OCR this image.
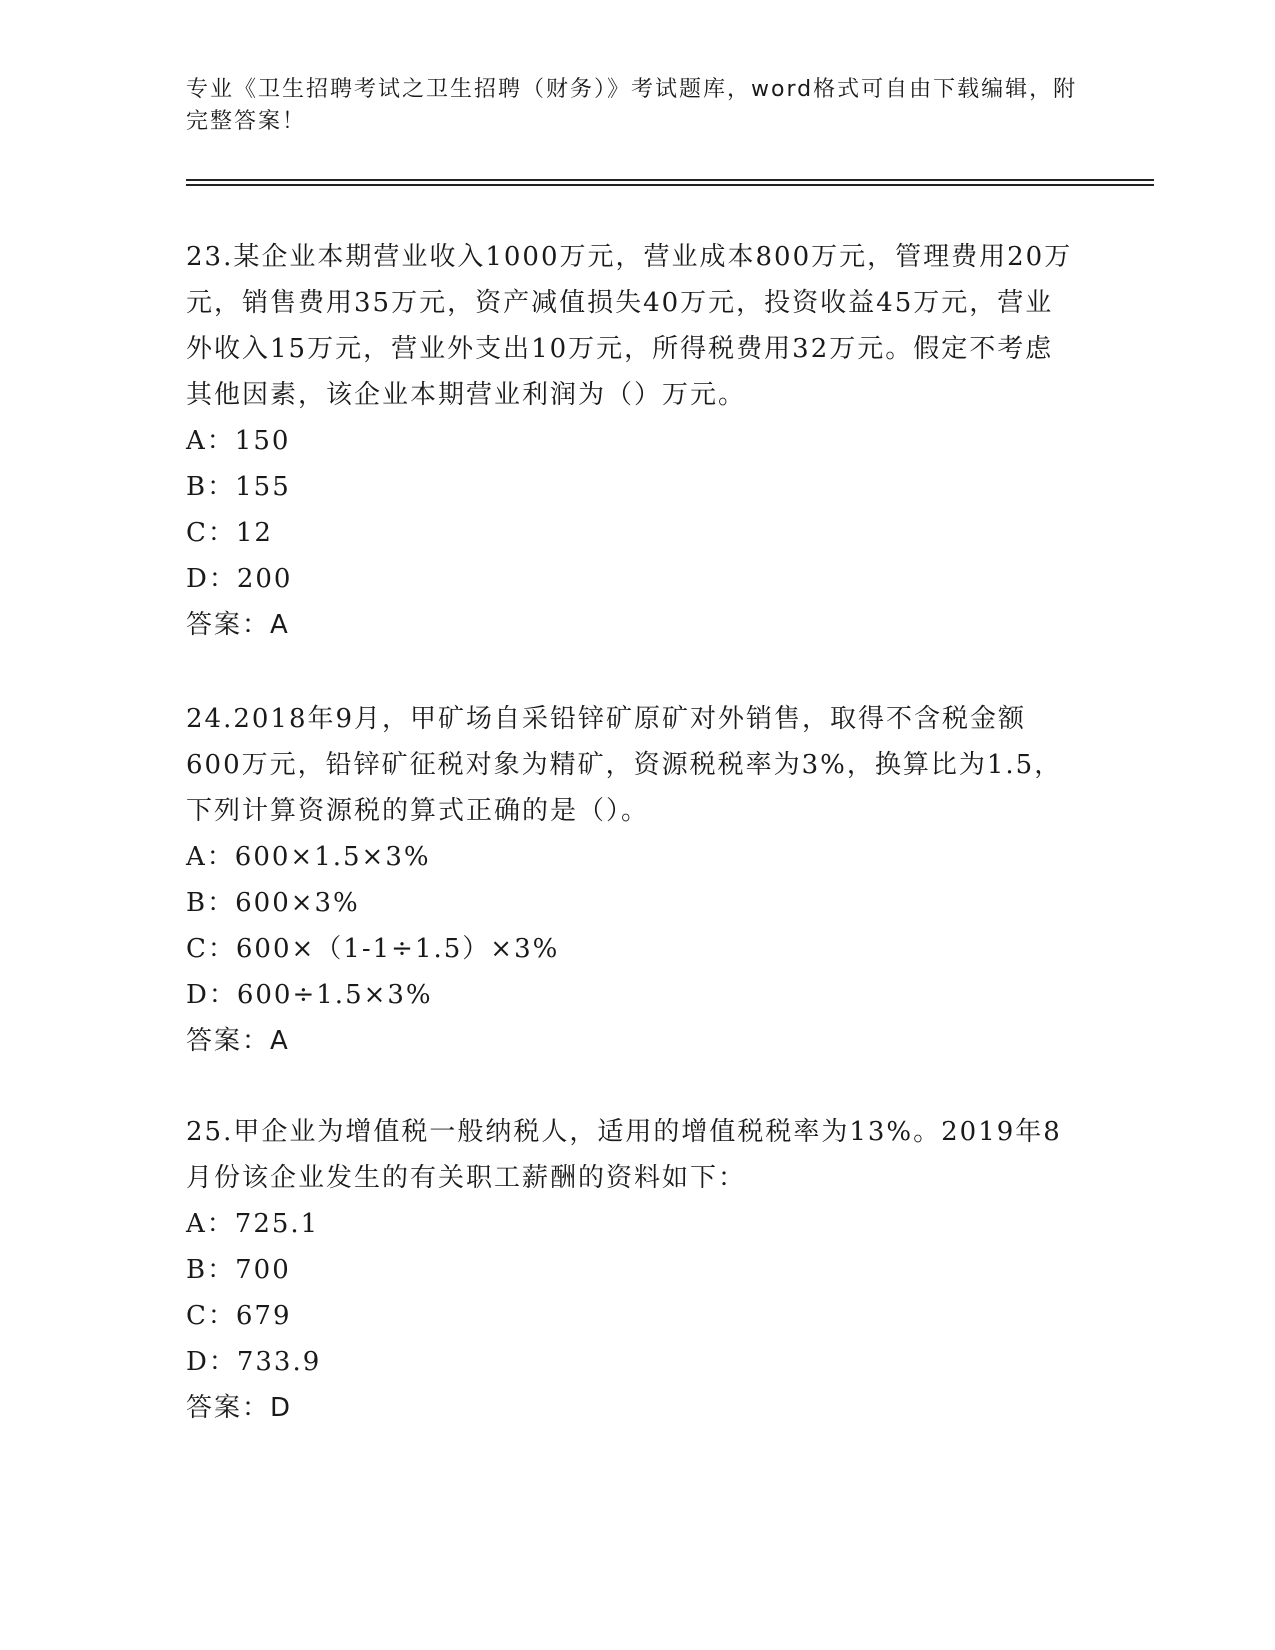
专业《卫生招聘考试之卫生招聘（财务）》考试题库，word格式可自由下载编辑，附完整答案！

23.某企业本期营业收入1000万元，营业成本800万元，管理费用20万元，销售费用35万元，资产减值损失40万元，投资收益45万元，营业外收入15万元，营业外支出10万元，所得税费用32万元。假定不考虑其他因素，该企业本期营业利润为（）万元。

A：150

B：155

C：12

D：200

答案：A

24.2018年9月，甲矿场自采铅锌矿原矿对外销售，取得不含税金额600万元，铅锌矿征税对象为精矿，资源税税率为3%，换算比为1.5，下列计算资源税的算式正确的是（）。

A：600×1.5×3%

B：600×3%

C：600×（1-1÷1.5）×3%

D：600÷1.5×3%

答案：A

25.甲企业为增值税一般纳税人，适用的增值税税率为13%。2019年8月份该企业发生的有关职工薪酬的资料如下：

A：725.1

B：700

C：679

D：733.9

答案：D
